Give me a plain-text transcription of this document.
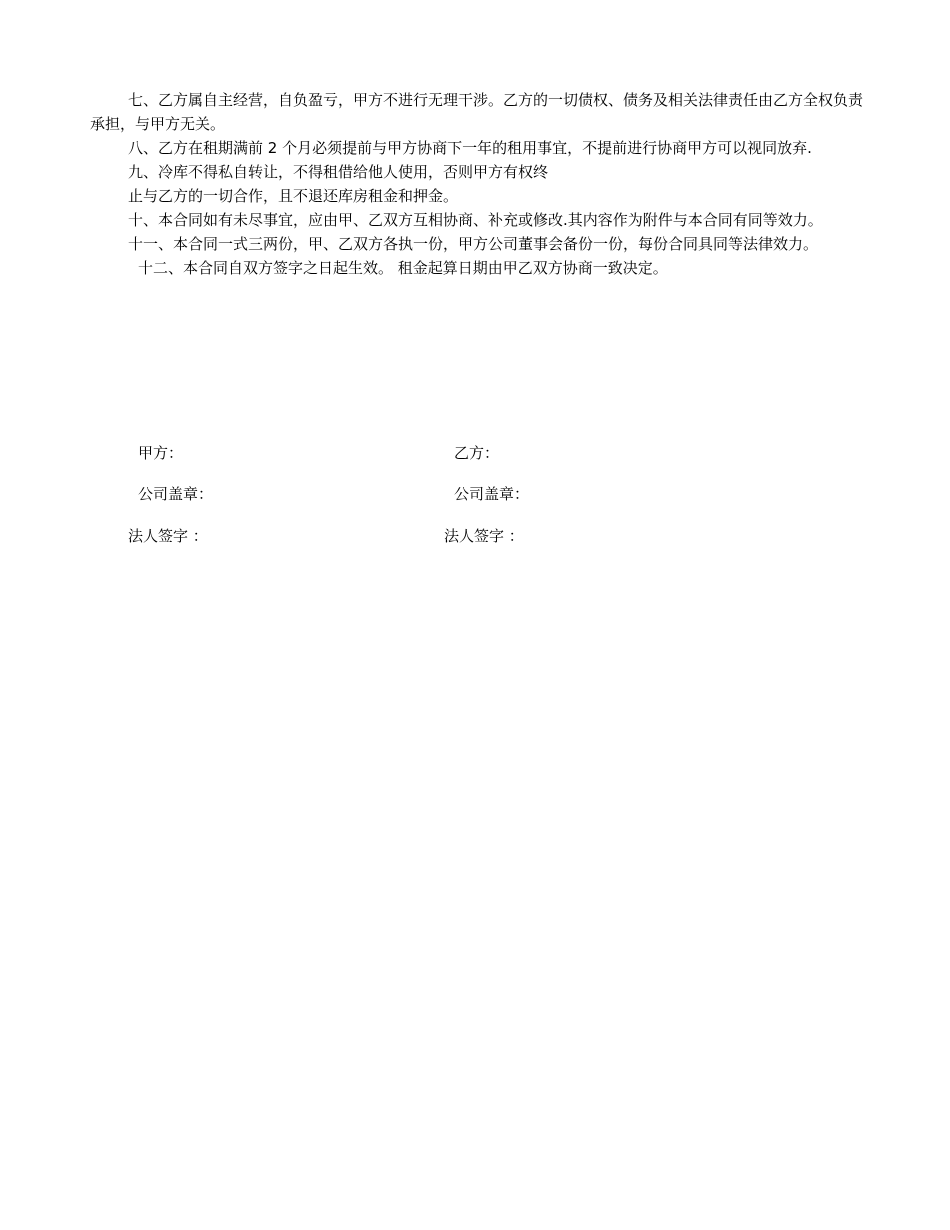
七、乙方属自主经营，自负盈亏，甲方不进行无理干涉。乙方的一切债权、债务及相关法律责任由乙方全权负责承担，与甲方无关。

八、乙方在租期满前 2 个月必须提前与甲方协商下一年的租用事宜，不提前进行协商甲方可以视同放弃.

九、冷库不得私自转让，不得租借给他人使用，否则甲方有权终

止与乙方的一切合作，且不退还库房租金和押金。

十、本合同如有未尽事宜，应由甲、乙双方互相协商、补充或修改.其内容作为附件与本合同有同等效力。

十一、本合同一式三两份，甲、乙双方各执一份，甲方公司董事会备份一份，每份合同具同等法律效力。

十二、本合同自双方签字之日起生效。 租金起算日期由甲乙双方协商一致决定。

甲方：	乙方：
公司盖章：	公司盖章：
法人签字 ：	法人签字 ：
